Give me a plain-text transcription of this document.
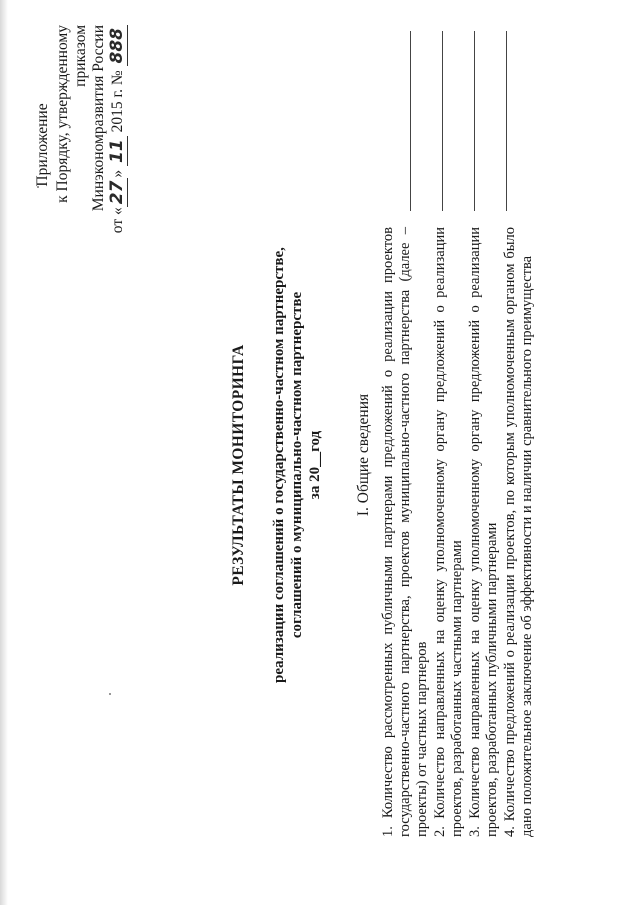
Приложение к Порядку, утвержденному приказом Минэкономразвития России
от «27» 11 2015 г. № 888
РЕЗУЛЬТАТЫ МОНИТОРИНГА реализации соглашений о государственно-частном партнерстве, соглашений о муниципально-частном партнерстве за 20__год I. Общие сведения 1. Количество рассмотренных публичными партнерами предложений о реализации проектов государственно-частного партнерства, проектов муниципально-частного партнерства (далее – проекты) от частных партнеров 2. Количество направленных на оценку уполномоченному органу предложений о реализации проектов, разработанных частными партнерами 3. Количество направленных на оценку уполномоченному органу предложений о реализации проектов, разработанных публичными партнерами 4. Количество предложений о реализации проектов, по которым уполномоченным органом было дано положительное заключение об эффективности и наличии сравнительного преимущества
